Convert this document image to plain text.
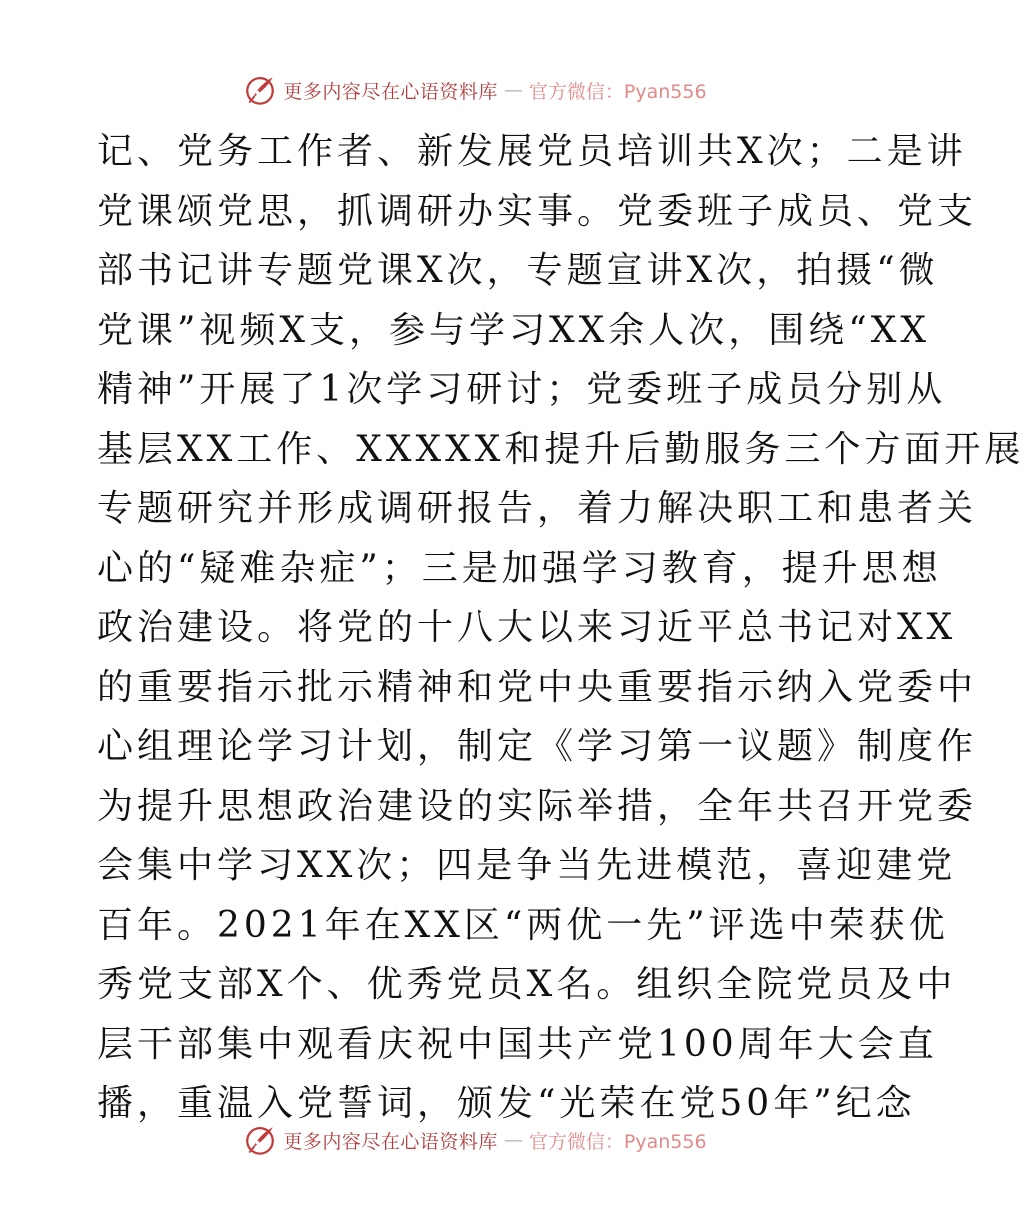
更多内容尽在心语资料库 — 官方微信：Pyan556
记、党务工作者、新发展党员培训共X次；二是讲
党课颂党思，抓调研办实事。党委班子成员、党支
部书记讲专题党课X次，专题宣讲X次，拍摄“微
党课”视频X支，参与学习XX余人次，围绕“XX
精神”开展了1次学习研讨；党委班子成员分别从
基层XX工作、XXXXX和提升后勤服务三个方面开展
专题研究并形成调研报告，着力解决职工和患者关
心的“疑难杂症”；三是加强学习教育，提升思想
政治建设。将党的十八大以来习近平总书记对XX
的重要指示批示精神和党中央重要指示纳入党委中
心组理论学习计划，制定《学习第一议题》制度作
为提升思想政治建设的实际举措，全年共召开党委
会集中学习XX次；四是争当先进模范，喜迎建党
百年。2021年在XX区“两优一先”评选中荣获优
秀党支部X个、优秀党员X名。组织全院党员及中
层干部集中观看庆祝中国共产党100周年大会直
播，重温入党誓词，颁发“光荣在党50年”纪念
更多内容尽在心语资料库 — 官方微信：Pyan556
